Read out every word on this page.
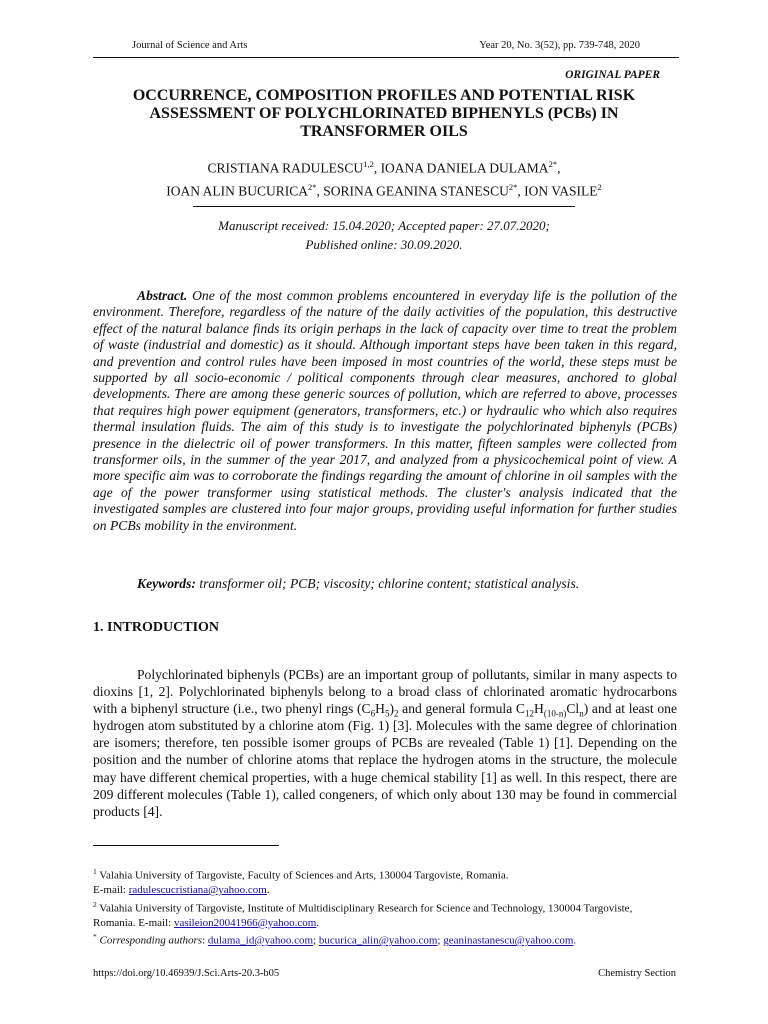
Journal of Science and Arts	Year 20, No. 3(52), pp. 739-748, 2020
ORIGINAL PAPER
OCCURRENCE, COMPOSITION PROFILES AND POTENTIAL RISK
ASSESSMENT OF POLYCHLORINATED BIPHENYLS (PCBs) IN
TRANSFORMER OILS
CRISTIANA RADULESCU$^{1,2}$, IOANA DANIELA $DULAMA^{2*}$,
IOAN ALIN $BUCURICA^{2*}$, SORINA GEANINA $STANESCU^{2*}$, ION VASILE$^2$
Manuscript received: 15.04.2020; Accepted paper: 27.07.2020;
Published online: 30.09.2020.
Abstract. One of the most common problems encountered in everyday life is the pollution of the environment. Therefore, regardless of the nature of the daily activities of the population, this destructive effect of the natural balance finds its origin perhaps in the lack of capacity over time to treat the problem of waste (industrial and domestic) as it should. Although important steps have been taken in this regard, and prevention and control rules have been imposed in most countries of the world, these steps must be supported by all socio-economic / political components through clear measures, anchored to global developments. There are among these generic sources of pollution, which are referred to above, processes that requires high power equipment (generators, transformers, etc.) or hydraulic who which also requires thermal insulation fluids. The aim of this study is to investigate the polychlorinated biphenyls (PCBs) presence in the dielectric oil of power transformers. In this matter, fifteen samples were collected from transformer oils, in the summer of the year 2017, and analyzed from a physicochemical point of view. A more specific aim was to corroborate the findings regarding the amount of chlorine in oil samples with the age of the power transformer using statistical methods. The cluster's analysis indicated that the investigated samples are clustered into four major groups, providing useful information for further studies on PCBs mobility in the environment.
Keywords: transformer oil; PCB; viscosity; chlorine content; statistical analysis.
1. INTRODUCTION
Polychlorinated biphenyls (PCBs) are an important group of pollutants, similar in many aspects to dioxins [1, 2]. Polychlorinated biphenyls belong to a broad class of chlorinated aromatic hydrocarbons with a biphenyl structure (i.e., two phenyl rings $(C_6H_5)_2$ and general formula $C_{12}H_{(10-n)}Cl_n$) and at least one hydrogen atom substituted by a chlorine atom (Fig. 1) [3]. Molecules with the same degree of chlorination are isomers; therefore, ten possible isomer groups of PCBs are revealed (Table 1) [1]. Depending on the position and the number of chlorine atoms that replace the hydrogen atoms in the structure, the molecule may have different chemical properties, with a huge chemical stability [1] as well. In this respect, there are 209 different molecules (Table 1), called congeners, of which only about 130 may be found in commercial products [4].
$^1$ Valahia University of Targoviste, Faculty of Sciences and Arts, 130004 Targoviste, Romania.
E-mail: radulescucristiana@yahoo.com.
$^2$ Valahia University of Targoviste, Institute of Multidisciplinary Research for Science and Technology, 130004 Targoviste, Romania. E-mail: vasileion20041966@yahoo.com.
* Corresponding authors: dulama_id@yahoo.com; bucurica_alin@yahoo.com; geaninastanescu@yahoo.com.
https://doi.org/10.46939/J.Sci.Arts-20.3-b05	Chemistry Section
